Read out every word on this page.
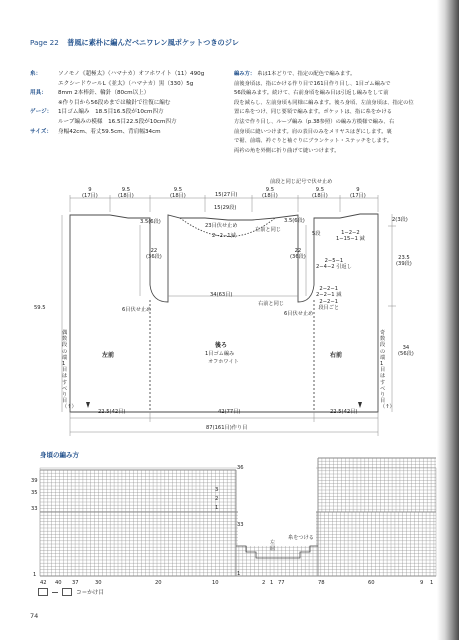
Page 22 普風に素朴に編んだベニワレン風ポケットつきのジレ
糸：	ソノモノ《超極太》（ハマナカ）オフホワイト（11）490g
エクシードウールL《並太》（ハマナカ）黒（330）5g
用具：	8mm 2本棒針、輪針（80cm以上）
※作り目から56段めまでは輪針で往復に編む
ゲージ：	1目ゴム編み　18.5目16.5段が10cm四方
ループ編みの模様　16.5目22.5段が10cm四方
サイズ：	身幅42cm、着丈59.5cm、背肩幅34cm
編み方： 糸は1本どりで、指定の配色で編みます。
前後身頃は、指にかける作り目で161目作り目し、1目ゴム編みで
56段編みます。続けて、右前身頃を編み目は引返し編みをして前
段を減らし、左前身頃も同様に編みます。後ろ身頃、左前身頃は、指定の位
置に糸をつけ、同じ要領で編みます。ポケットは、指に糸をかける
方法で作り目し、ループ編み（p.38参照）の編み方模様で編み、右
前身頃に縫いつけます。肩の表目のみをメリヤスはぎにします。裏
で裾、前端、衿ぐりと袖ぐりにブランケット・ステッチをします。
両衿の角を外側に折り曲げて縫いつけます。
9
(17目)
9.5
(18目)
9.5
(18目)	15(27目)
9.5
(18目)
9.5
(18目)
9
(17目)
前段と同じ記号で伏せ止め
15(29段)
23目伏せ止め
2−2−1減
3.5(6段)	3.5(6段)
左前と同じ
5段	1−2−2
1−15−1 減
2−5−1
2−4−2 引返し
2−2−1
2−2−1 減
2−2−1
段目ごと
2(3段)
23.5
(39段)
22
(36段)
22
(36段)
34(63目)
6目伏せ止め
6目伏せ止め
右前と同じ
59.5
偶数段の端1目はすべり目（↑）
奇数段の端1目はすべり目（↑）
34
(56段)
左前
後ろ
1目ゴム編み
オフホワイト
右前
22.5(42目)	42(77目)	22.5(42目)
87(161目)作り目
身頃の編み方
39
35
33
1
36
33
1
42 40 37	30	20	10	2 1 77	78	60	9 1
左屈
糸をつける
3
2
1
コ＝かけ目
74
